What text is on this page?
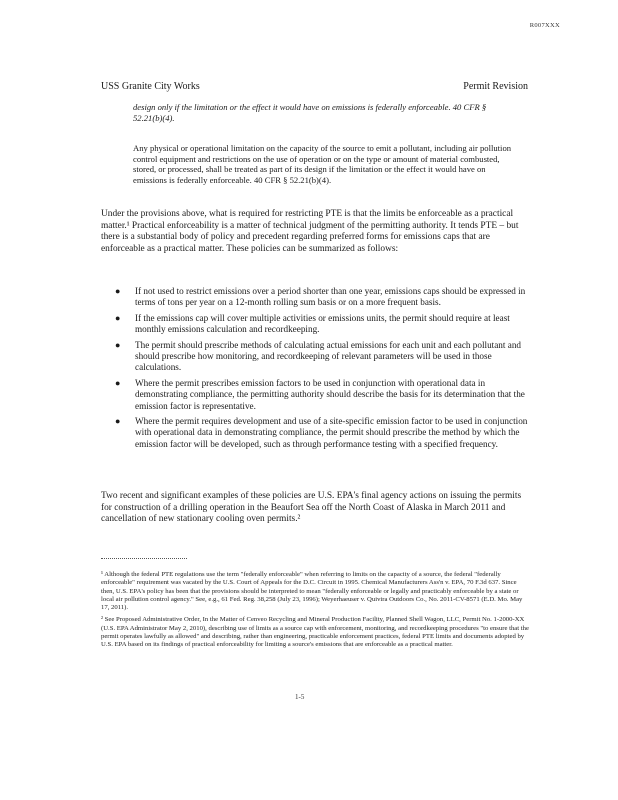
R007XXX
USS Granite City Works	Permit Revision
design only if the limitation or the effect it would have on emissions is federally enforceable. 40 CFR § 52.21(b)(4).
Any physical or operational limitation on the capacity of the source to emit a pollutant, including air pollution control equipment and restrictions on the use of operation or on the type or amount of material combusted, stored, or processed, shall be treated as part of its design if the limitation or the effect it would have on emissions is federally enforceable. 40 CFR § 52.21(b)(4).
Under the provisions above, what is required for restricting PTE is that the limits be enforceable as a practical matter.¹ Practical enforceability is a matter of technical judgment of the permitting authority. It tends PTE – but there is a substantial body of policy and precedent regarding preferred forms for emissions caps that are enforceable as a practical matter. These policies can be summarized as follows:
● If not used to restrict emissions over a period shorter than one year, emissions caps should be expressed in terms of tons per year on a 12-month rolling sum basis or on a more frequent basis.
● If the emissions cap will cover multiple activities or emissions units, the permit should require at least monthly emissions calculation and recordkeeping.
● The permit should prescribe methods of calculating actual emissions for each unit and each pollutant and should prescribe how monitoring, and recordkeeping of relevant parameters will be used in those calculations.
● Where the permit prescribes emission factors to be used in conjunction with operational data in demonstrating compliance, the permitting authority should describe the basis for its determination that the emission factor is representative.
● Where the permit requires development and use of a site-specific emission factor to be used in conjunction with operational data in demonstrating compliance, the permit should prescribe the method by which the emission factor will be developed, such as through performance testing with a specified frequency.
Two recent and significant examples of these policies are U.S. EPA's final agency actions on issuing the permits for construction of a drilling operation in the Beaufort Sea off the North Coast of Alaska in March 2011 and cancellation of new stationary cooling oven permits.²

¹ Although the federal PTE regulations use the term "federally enforceable" when referring to limits on the capacity of a source, the federal "federally enforceable" requirement was vacated by the U.S. Court of Appeals for the D.C. Circuit in 1995. Chemical Manufacturers Ass'n v. EPA, 70 F.3d 637. Since then, U.S. EPA's policy has been that the provisions should be interpreted to mean "federally enforceable or legally and practicably enforceable by a state or local air pollution control agency." See, e.g., 61 Fed. Reg. 38,258 (July 23, 1996); Weyerhaeuser v. Quivira Outdoors Co., No. 2011-CV-8571 (E.D. Mo. May 17, 2011).

² See Proposed Administrative Order, In the Matter of Cenveo Recycling and Mineral Production Facility, Planned Shell Wagon, LLC, Permit No. 1-2000-XX (U.S. EPA Administrator May 2, 2010), describing use of limits as a source cap with enforcement, monitoring, and recordkeeping procedures "to ensure that the permit operates lawfully as allowed" and describing, rather than engineering, practicable enforcement practices, federal PTE limits and documents adopted by U.S. EPA based on its findings of practical enforceability for limiting a source's emissions that are enforceable as a practical matter.

1-5
